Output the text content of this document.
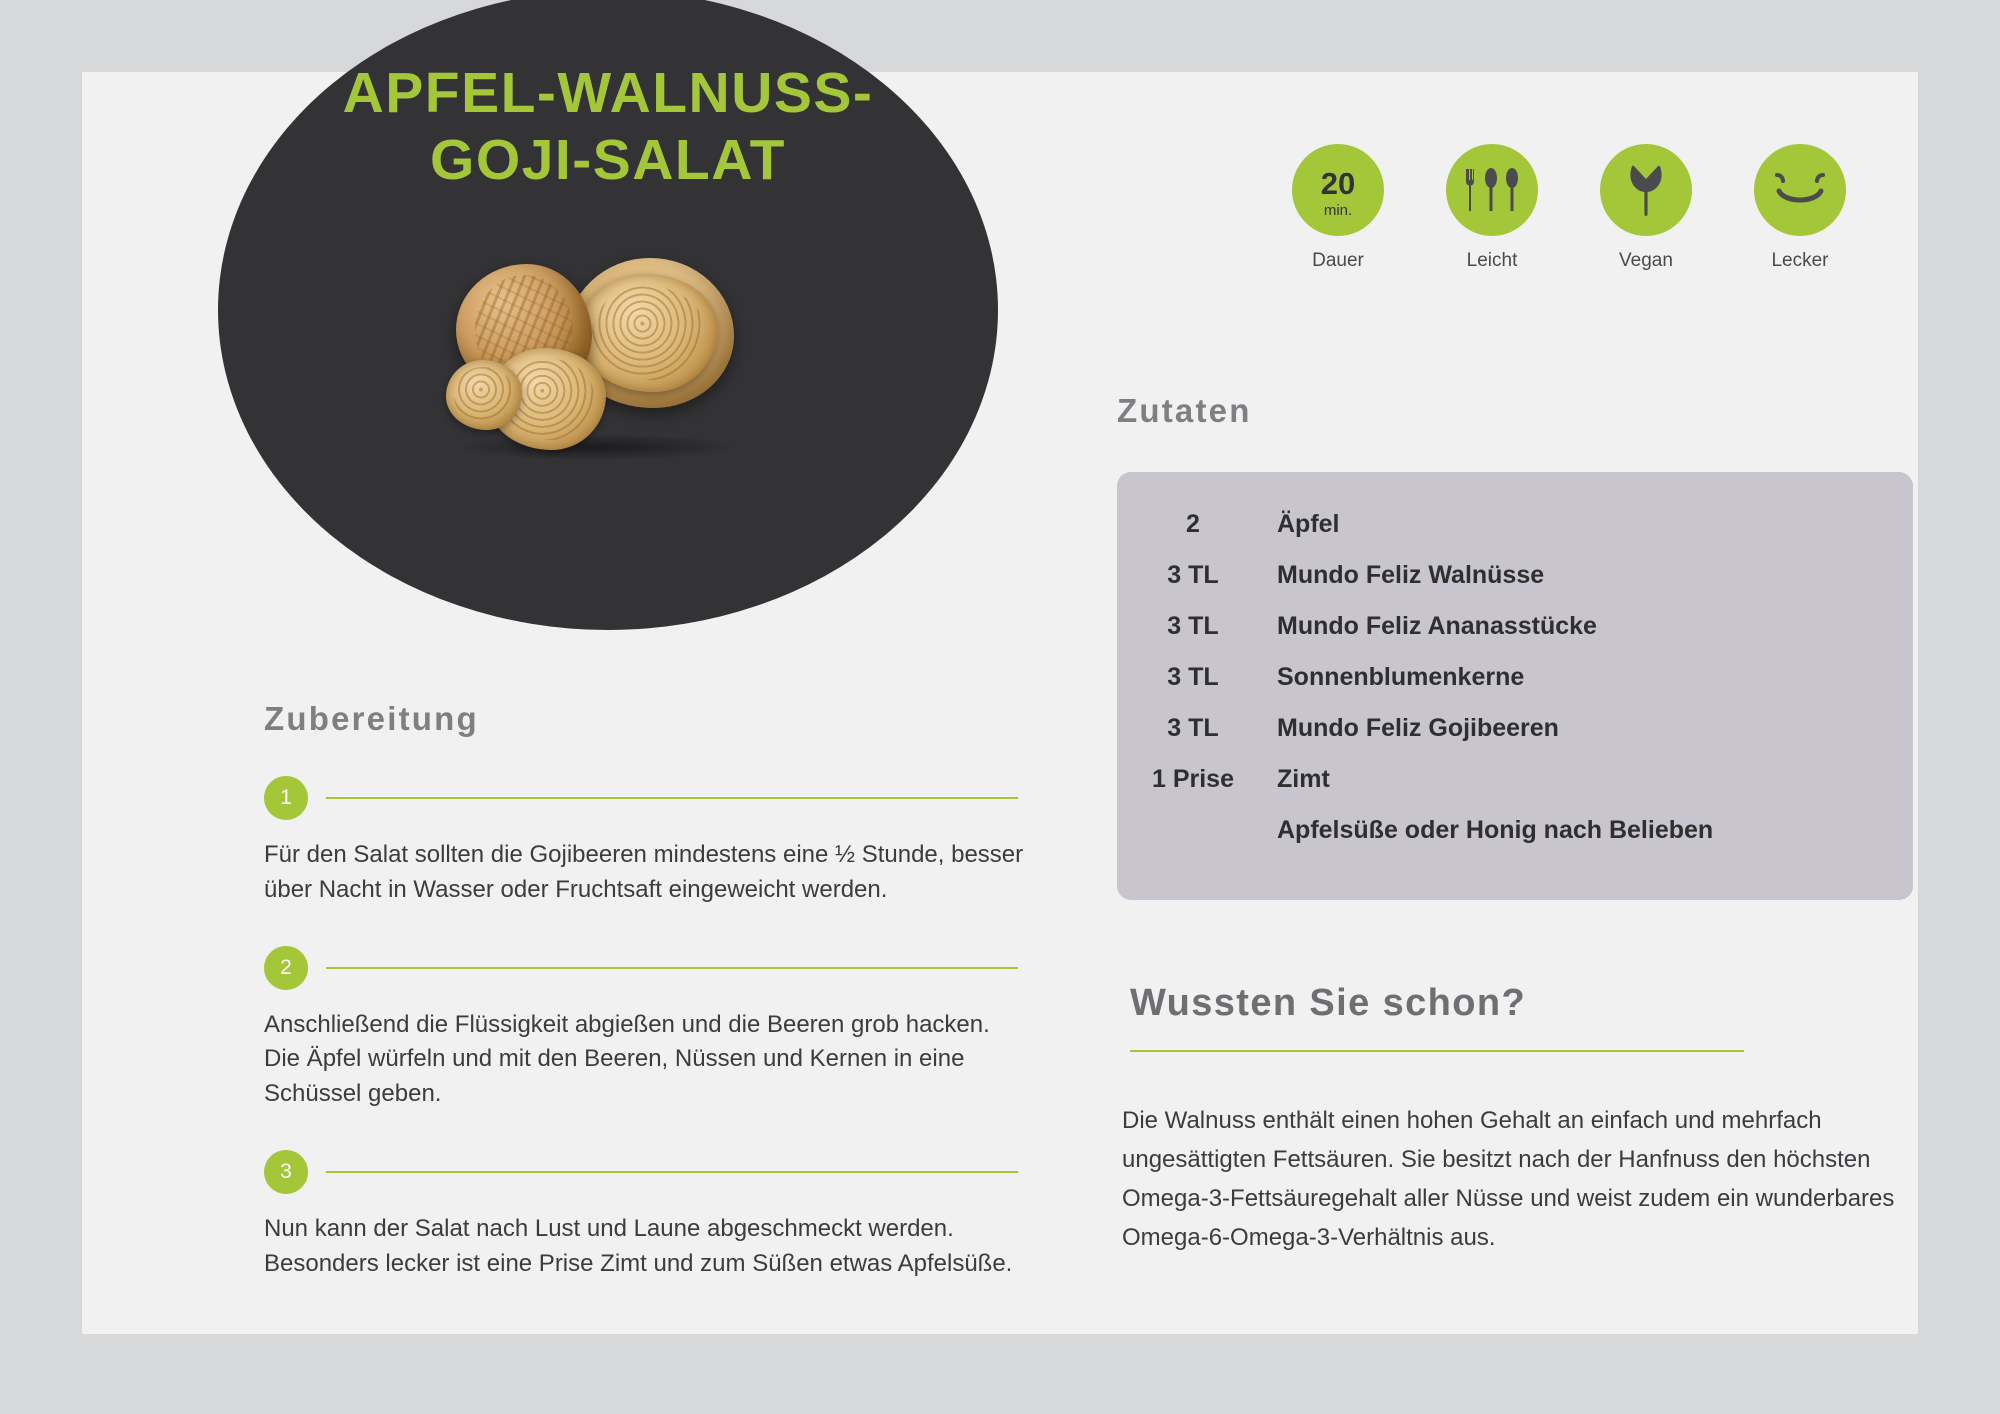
APFEL-WALNUSS-
GOJI-SALAT	20
min.
Dauer	Leicht	Vegan	Lecker
Zutaten
2	Äpfel
3 TL	Mundo Feliz Walnüsse
3 TL	Mundo Feliz Ananasstücke
3 TL	Sonnenblumenkerne
3 TL	Mundo Feliz Gojibeeren
1 Prise	Zimt
Apfelsüße oder Honig nach Belieben
Wussten Sie schon?
Die Walnuss enthält einen hohen Gehalt an einfach und mehrfach ungesättigten Fettsäuren. Sie besitzt nach der Hanfnuss den höchsten Omega-3-Fettsäuregehalt aller Nüsse und weist zudem ein wunderbares Omega-6-Omega-3-Verhältnis aus.
Zubereitung
1
Für den Salat sollten die Gojibeeren mindestens eine ½ Stunde, besser über Nacht in Wasser oder Fruchtsaft eingeweicht werden.
2
Anschließend die Flüssigkeit abgießen und die Beeren grob hacken. Die Äpfel würfeln und mit den Beeren, Nüssen und Kernen in eine Schüssel geben.
3
Nun kann der Salat nach Lust und Laune abgeschmeckt werden. Besonders lecker ist eine Prise Zimt und zum Süßen etwas Apfelsüße.
